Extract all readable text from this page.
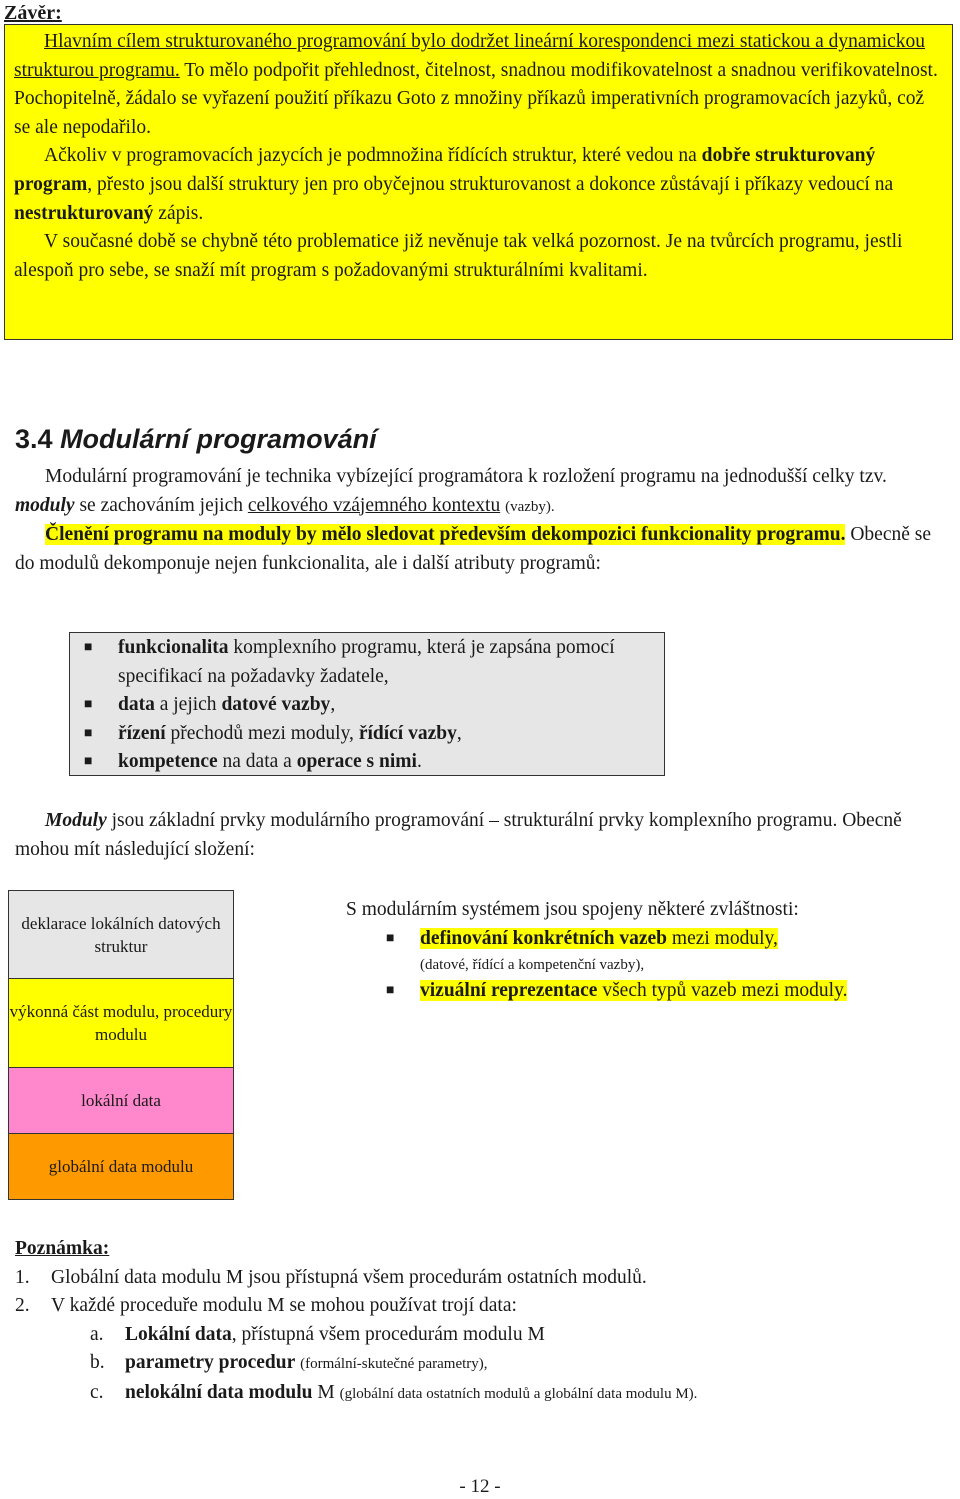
Závěr:
Hlavním cílem strukturovaného programování bylo dodržet lineární korespondenci mezi statickou a dynamickou strukturou programu. To mělo podpořit přehlednost, čitelnost, snadnou modifikovatelnost a snadnou verifikovatelnost. Pochopitelně, žádalo se vyřazení použití příkazu Goto z množiny příkazů imperativních programovacích jazyků, což se ale nepodařilo.
Ačkoliv v programovacích jazycích je podmnožina řídících struktur, které vedou na dobře strukturovaný program, přesto jsou další struktury jen pro obyčejnou strukturovanost a dokonce zůstávají i příkazy vedoucí na nestrukturovaný zápis.
V současné době se chybně této problematice již nevěnuje tak velká pozornost. Je na tvůrcích programu, jestli alespoň pro sebe, se snaží mít program s požadovanými strukturálními kvalitami.
3.4 Modulární programování
Modulární programování je technika vybízející programátora k rozložení programu na jednodušší celky tzv. moduly se zachováním jejich celkového vzájemného kontextu (vazby).
Členění programu na moduly by mělo sledovat především dekompozici funkcionality programu. Obecně se do modulů dekomponuje nejen funkcionalita, ale i další atributy programů:
■ funkcionalita komplexního programu, která je zapsána pomocí specifikací na požadavky žadatele,
■ data a jejich datové vazby,
■ řízení přechodů mezi moduly, řídící vazby,
■ kompetence na data a operace s nimi.
Moduly jsou základní prvky modulárního programování – strukturální prvky komplexního programu. Obecně mohou mít následující složení:
deklarace lokálních datových struktur
výkonná část modulu, procedury modulu
lokální data
globální data modulu
S modulárním systémem jsou spojeny některé zvláštnosti:
■ definování konkrétních vazeb mezi moduly,
(datové, řídící a kompetenční vazby),
■ vizuální reprezentace všech typů vazeb mezi moduly.
Poznámka:
1. Globální data modulu M jsou přístupná všem procedurám ostatních modulů.
2. V každé proceduře modulu M se mohou používat trojí data:
a. Lokální data, přístupná všem procedurám modulu M
b. parametry procedur (formální-skutečné parametry),
c. nelokální data modulu M (globální data ostatních modulů a globální data modulu M).
- 12 -
